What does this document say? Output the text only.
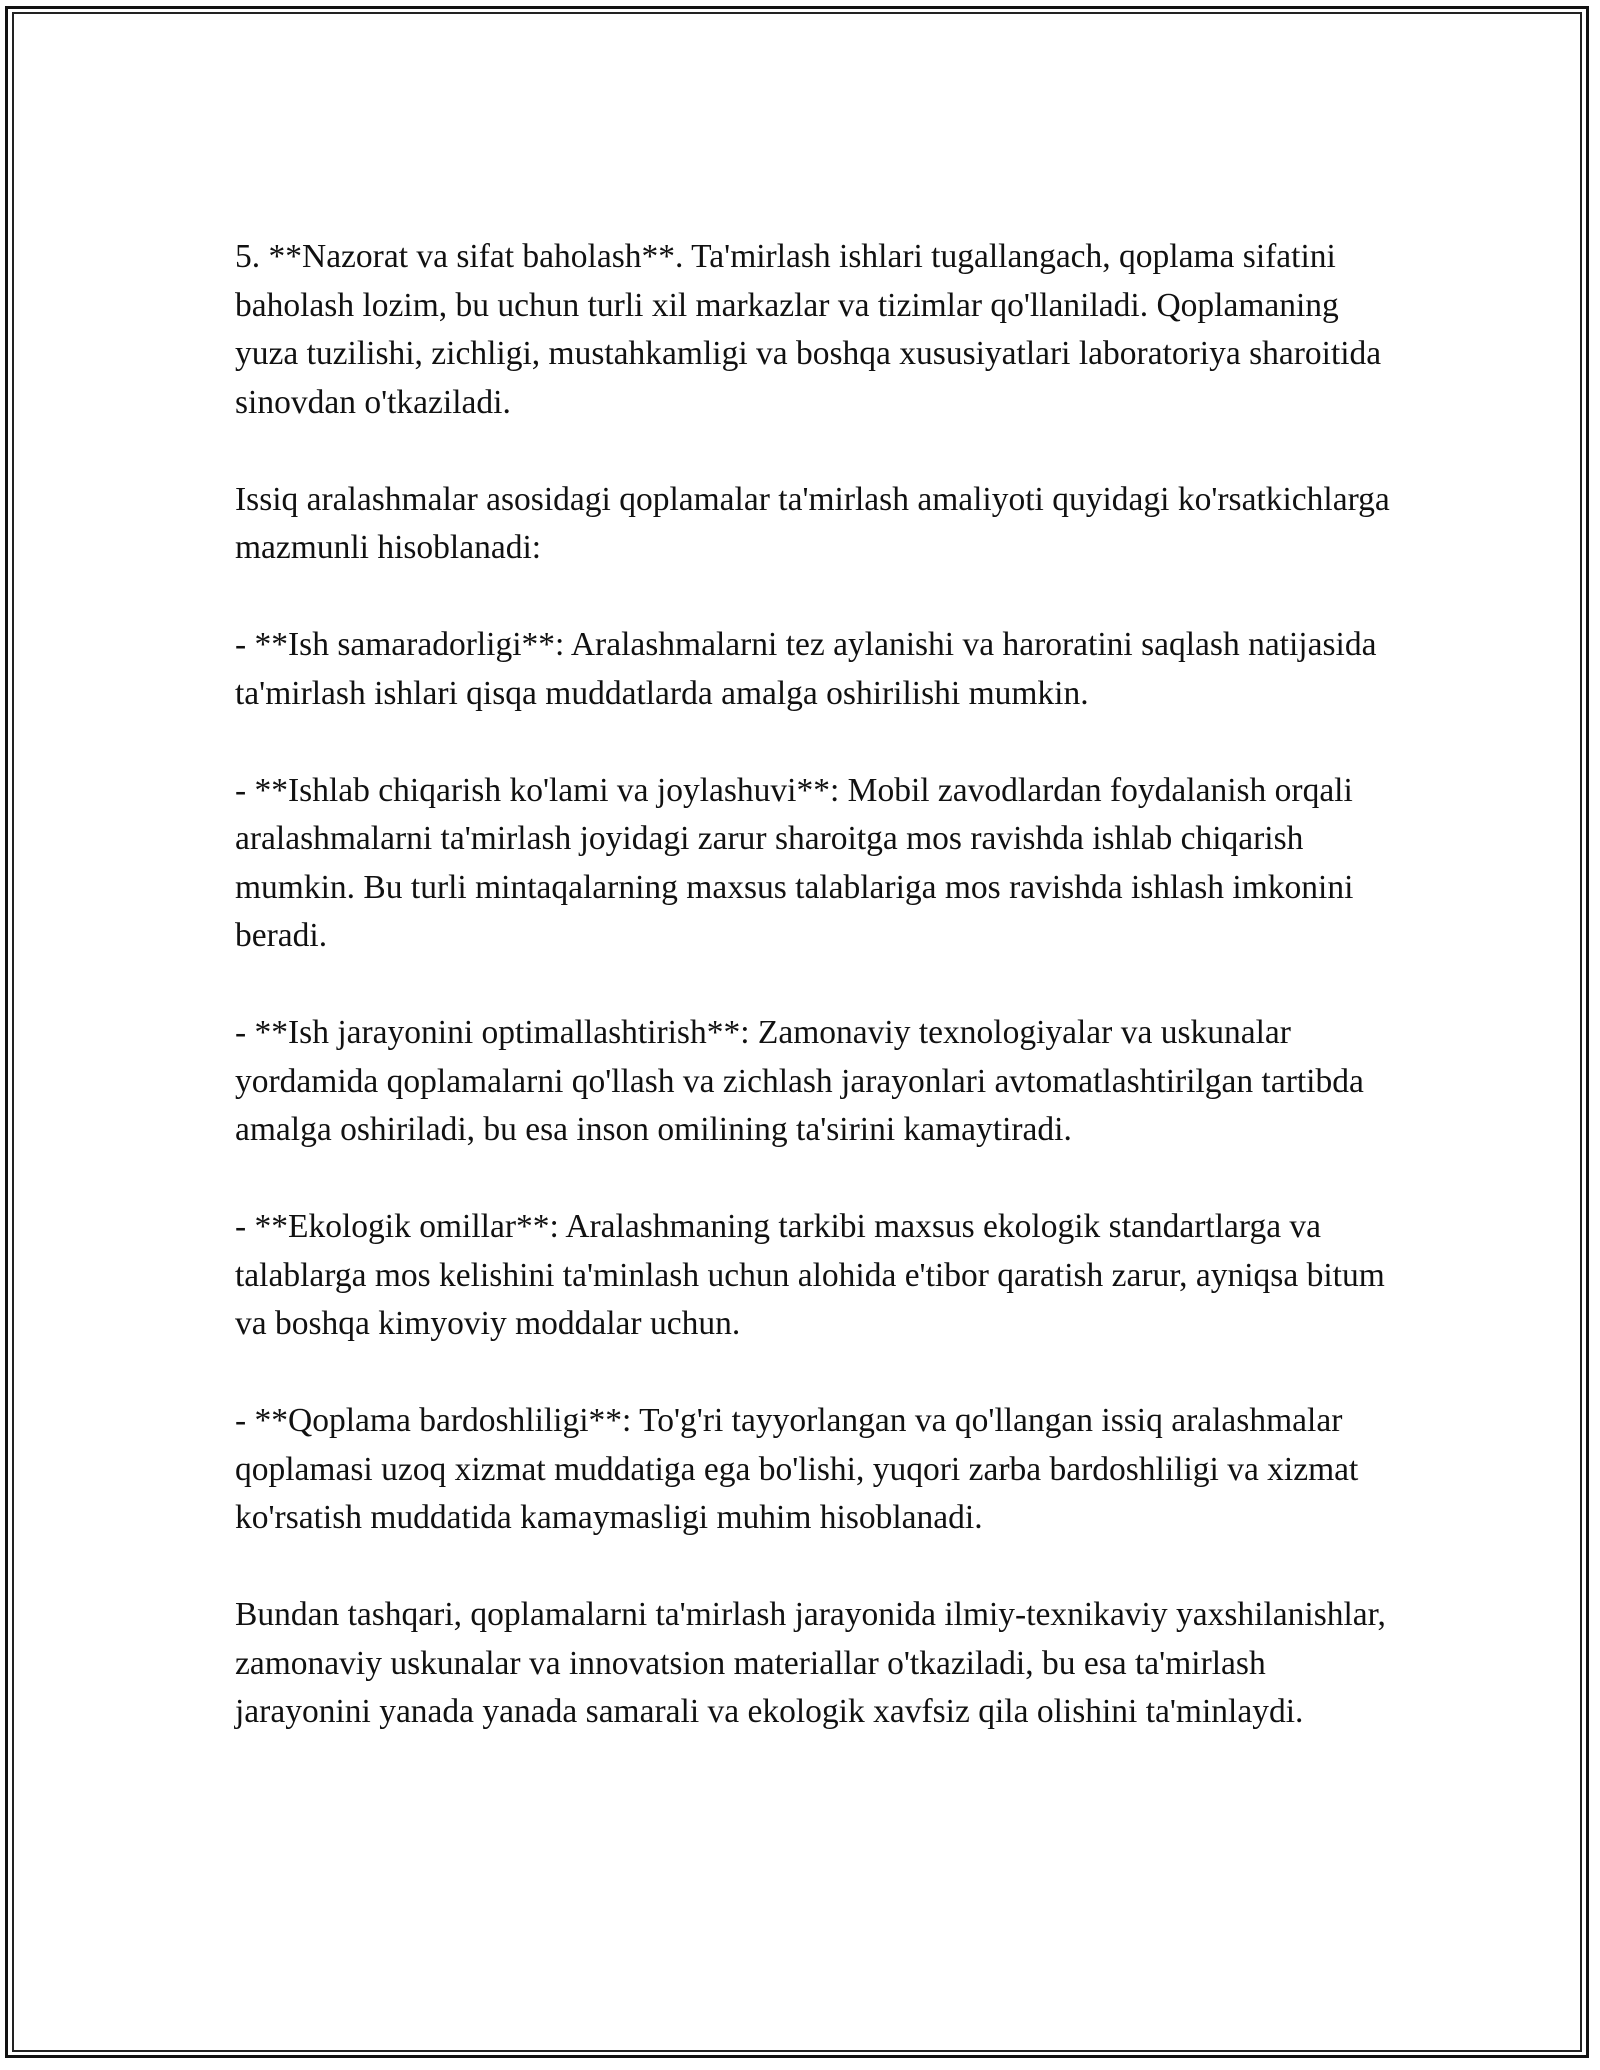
5. **Nazorat va sifat baholash**. Ta'mirlash ishlari tugallangach, qoplama sifatini baholash lozim, bu uchun turli xil markazlar va tizimlar qo'llaniladi. Qoplamaning yuza tuzilishi, zichligi, mustahkamligi va boshqa xususiyatlari laboratoriya sharoitida sinovdan o'tkaziladi.

Issiq aralashmalar asosidagi qoplamalar ta'mirlash amaliyoti quyidagi ko'rsatkichlarga mazmunli hisoblanadi:

- **Ish samaradorligi**: Aralashmalarni tez aylanishi va haroratini saqlash natijasida ta'mirlash ishlari qisqa muddatlarda amalga oshirilishi mumkin.

- **Ishlab chiqarish ko'lami va joylashuvi**: Mobil zavodlardan foydalanish orqali aralashmalarni ta'mirlash joyidagi zarur sharoitga mos ravishda ishlab chiqarish mumkin. Bu turli mintaqalarning maxsus talablariga mos ravishda ishlash imkonini beradi.

- **Ish jarayonini optimallashtirish**: Zamonaviy texnologiyalar va uskunalar yordamida qoplamalarni qo'llash va zichlash jarayonlari avtomatlashtirilgan tartibda amalga oshiriladi, bu esa inson omilining ta'sirini kamaytiradi.

- **Ekologik omillar**: Aralashmaning tarkibi maxsus ekologik standartlarga va talablarga mos kelishini ta'minlash uchun alohida e'tibor qaratish zarur, ayniqsa bitum va boshqa kimyoviy moddalar uchun.

- **Qoplama bardoshliligi**: To'g'ri tayyorlangan va qo'llangan issiq aralashmalar qoplamasi uzoq xizmat muddatiga ega bo'lishi, yuqori zarba bardoshliligi va xizmat ko'rsatish muddatida kamaymasligi muhim hisoblanadi.

Bundan tashqari, qoplamalarni ta'mirlash jarayonida ilmiy-texnikaviy yaxshilanishlar, zamonaviy uskunalar va innovatsion materiallar o'tkaziladi, bu esa ta'mirlash jarayonini yanada yanada samarali va ekologik xavfsiz qila olishini ta'minlaydi.
